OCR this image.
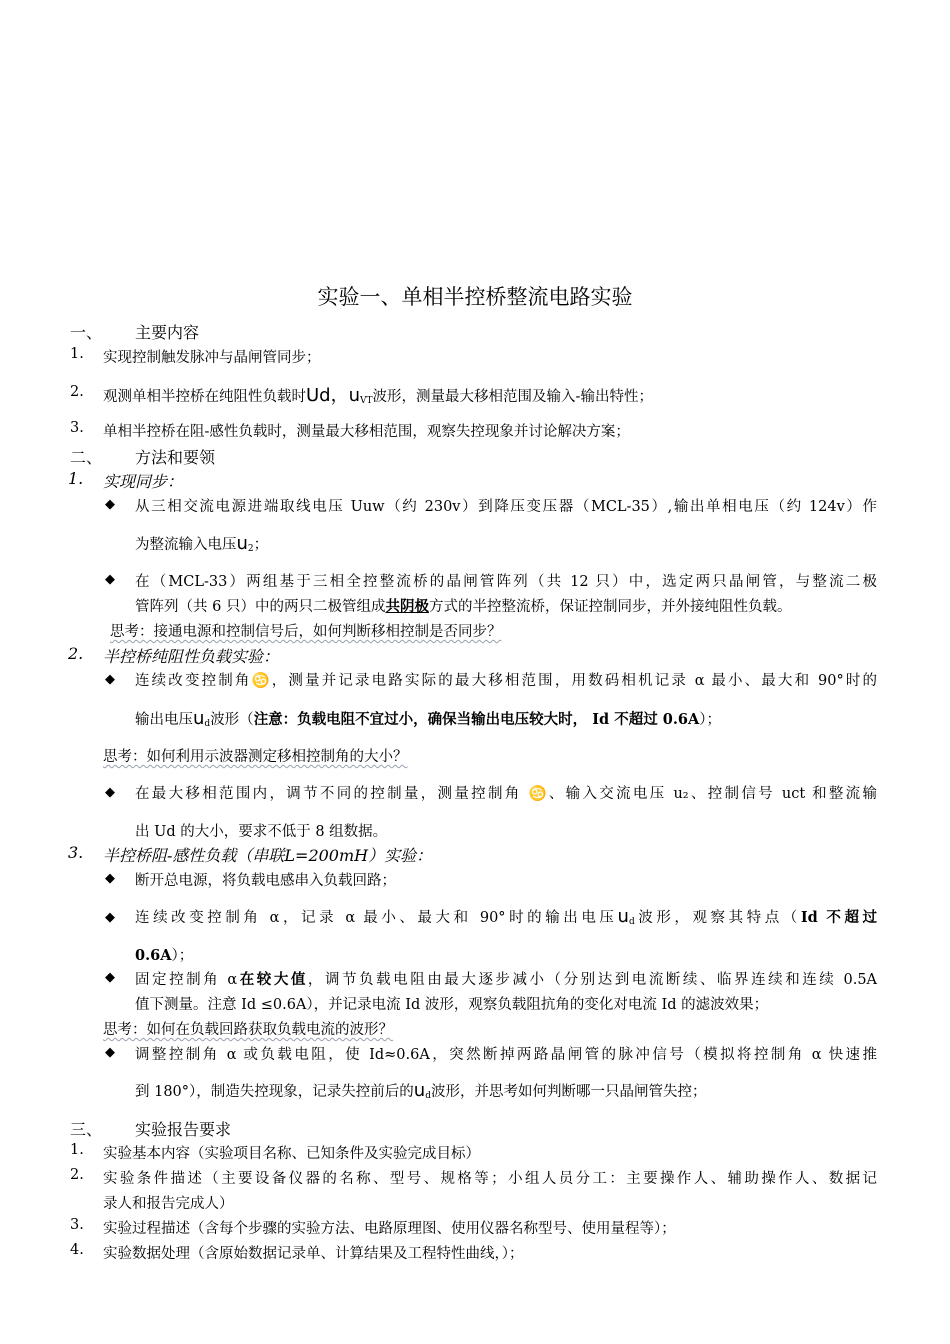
实验一、单相半控桥整流电路实验
一、 主要内容
1. 实现控制触发脉冲与晶闸管同步；
2. 观测单相半控桥在纯阻性负载时Ud，$u_{VT}$波形，测量最大移相范围及输入-输出特性；
3. 单相半控桥在阻-感性负载时，测量最大移相范围，观察失控现象并讨论解决方案；
二、 方法和要领
1. 实现同步：
◆ 从三相交流电源进端取线电压 Uuw（约 230v）到降压变压器（MCL-35）,输出单相电压（约 124v）作
为整流输入电压$u_2$；
◆ 在（MCL-33）两组基于三相全控整流桥的晶闸管阵列（共 12 只）中，选定两只晶闸管，与整流二极
管阵列（共 6 只）中的两只二极管组成共阴极方式的半控整流桥，保证控制同步，并外接纯阻性负载。
思考：接通电源和控制信号后，如何判断移相控制是否同步？
2. 半控桥纯阻性负载实验：
◆ 连续改变控制角♋，测量并记录电路实际的最大移相范围，用数码相机记录 α 最小、最大和 90°时的
输出电压$u_d$波形（注意：负载电阻不宜过小，确保当输出电压较大时， Id 不超过 0.6A）；
思考：如何利用示波器测定移相控制角的大小？
◆ 在最大移相范围内，调节不同的控制量，测量控制角 ♋、输入交流电压 u₂、控制信号 uct 和整流输
出 Ud 的大小，要求不低于 8 组数据。
3. 半控桥阻-感性负载（串联L=200mH）实验：
◆ 断开总电源，将负载电感串入负载回路；
◆ 连续改变控制角 α，记录 α 最小、最大和 90°时的输出电压$u_d$波形，观察其特点（Id 不超过
0.6A）；
◆ 固定控制角 α在较大值，调节负载电阻由最大逐步减小（分别达到电流断续、临界连续和连续 0.5A
值下测量。注意 Id ≤0.6A），并记录电流 Id 波形，观察负载阻抗角的变化对电流 Id 的滤波效果；
思考：如何在负载回路获取负载电流的波形？
◆ 调整控制角 α 或负载电阻，使 Id≈0.6A，突然断掉两路晶闸管的脉冲信号（模拟将控制角 α 快速推
到 180°），制造失控现象，记录失控前后的$u_d$波形，并思考如何判断哪一只晶闸管失控；
三、 实验报告要求
1. 实验基本内容（实验项目名称、已知条件及实验完成目标）
2. 实验条件描述（主要设备仪器的名称、型号、规格等；小组人员分工：主要操作人、辅助操作人、数据记
录人和报告完成人）
3. 实验过程描述（含每个步骤的实验方法、电路原理图、使用仪器名称型号、使用量程等）；
4. 实验数据处理（含原始数据记录单、计算结果及工程特性曲线，）；
